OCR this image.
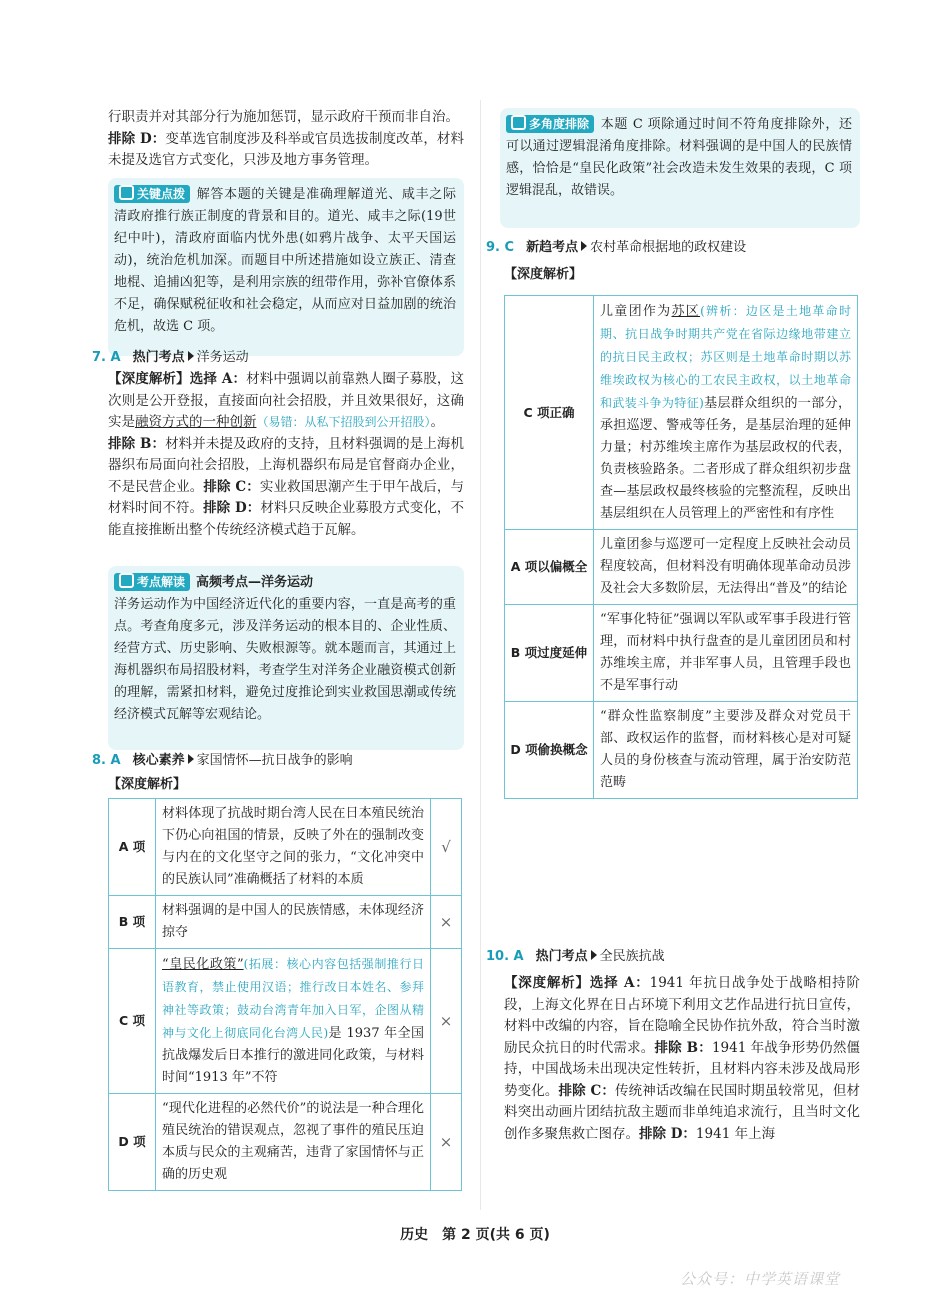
行职责并对其部分行为施加惩罚，显示政府干预而非自治。
排除 D：变革选官制度涉及科举或官员选拔制度改革，材料未提及选官方式变化，只涉及地方事务管理。

关键点拨 解答本题的关键是准确理解道光、咸丰之际清政府推行族正制度的背景和目的。道光、咸丰之际(19世纪中叶)，清政府面临内忧外患(如鸦片战争、太平天国运动)，统治危机加深。而题目中所述措施如设立族正、清查地棍、追捕凶犯等，是利用宗族的纽带作用，弥补官僚体系不足，确保赋税征收和社会稳定，从而应对日益加剧的统治危机，故选 C 项。

7. A 热门考点 洋务运动

【深度解析】选择 A：材料中强调以前靠熟人圈子募股，这次则是公开登报，直接面向社会招股，并且效果很好，这确实是融资方式的一种创新（易错：从私下招股到公开招股）。
排除 B：材料并未提及政府的支持，且材料强调的是上海机器织布局面向社会招股，上海机器织布局是官督商办企业，不是民营企业。排除 C：实业救国思潮产生于甲午战后，与材料时间不符。排除 D：材料只反映企业募股方式变化，不能直接推断出整个传统经济模式趋于瓦解。

考点解读 高频考点—洋务运动
洋务运动作为中国经济近代化的重要内容，一直是高考的重点。考查角度多元，涉及洋务运动的根本目的、企业性质、经营方式、历史影响、失败根源等。就本题而言，其通过上海机器织布局招股材料，考查学生对洋务企业融资模式创新的理解，需紧扣材料，避免过度推论到实业救国思潮或传统经济模式瓦解等宏观结论。

8. A 核心素养 家国情怀—抗日战争的影响
【深度解析】
A 项	材料体现了抗战时期台湾人民在日本殖民统治下仍心向祖国的情景，反映了外在的强制改变与内在的文化坚守之间的张力，“文化冲突中的民族认同”准确概括了材料的本质	√
B 项	材料强调的是中国人的民族情感，未体现经济掠夺	×
C 项	“皇民化政策”(拓展：核心内容包括强制推行日语教育，禁止使用汉语；推行改日本姓名、参拜神社等政策；鼓动台湾青年加入日军，企图从精神与文化上彻底同化台湾人民)是 1937 年全国抗战爆发后日本推行的激进同化政策，与材料时间“1913 年”不符	×
D 项	“现代化进程的必然代价”的说法是一种合理化殖民统治的错误观点，忽视了事件的殖民压迫本质与民众的主观痛苦，违背了家国情怀与正确的历史观	×

多角度排除 本题 C 项除通过时间不符角度排除外，还可以通过逻辑混淆角度排除。材料强调的是中国人的民族情感，恰恰是“皇民化政策”社会改造未发生效果的表现，C 项逻辑混乱，故错误。

9. C 新趋考点 农村革命根据地的政权建设
【深度解析】
C 项正确	儿童团作为苏区(辨析：边区是土地革命时期、抗日战争时期共产党在省际边缘地带建立的抗日民主政权；苏区则是土地革命时期以苏维埃政权为核心的工农民主政权，以土地革命和武装斗争为特征)基层群众组织的一部分，承担巡逻、警戒等任务，是基层治理的延伸力量；村苏维埃主席作为基层政权的代表，负责核验路条。二者形成了群众组织初步盘查—基层政权最终核验的完整流程，反映出基层组织在人员管理上的严密性和有序性
A 项以偏概全	儿童团参与巡逻可一定程度上反映社会动员程度较高，但材料没有明确体现革命动员涉及社会大多数阶层，无法得出“普及”的结论
B 项过度延伸	“军事化特征”强调以军队或军事手段进行管理，而材料中执行盘查的是儿童团团员和村苏维埃主席，并非军事人员，且管理手段也不是军事行动
D 项偷换概念	“群众性监察制度”主要涉及群众对党员干部、政权运作的监督，而材料核心是对可疑人员的身份核查与流动管理，属于治安防范范畴
10. A 热门考点 全民族抗战

【深度解析】选择 A：1941 年抗日战争处于战略相持阶段，上海文化界在日占环境下利用文艺作品进行抗日宣传，材料中改编的内容，旨在隐喻全民协作抗外敌，符合当时激励民众抗日的时代需求。排除 B：1941 年战争形势仍然僵持，中国战场未出现决定性转折，且材料内容未涉及战局形势变化。排除 C：传统神话改编在民国时期虽较常见，但材料突出动画片团结抗敌主题而非单纯追求流行，且当时文化创作多聚焦救亡图存。排除 D：1941 年上海

历史　第 2 页(共 6 页)
公众号：中学英语课堂
